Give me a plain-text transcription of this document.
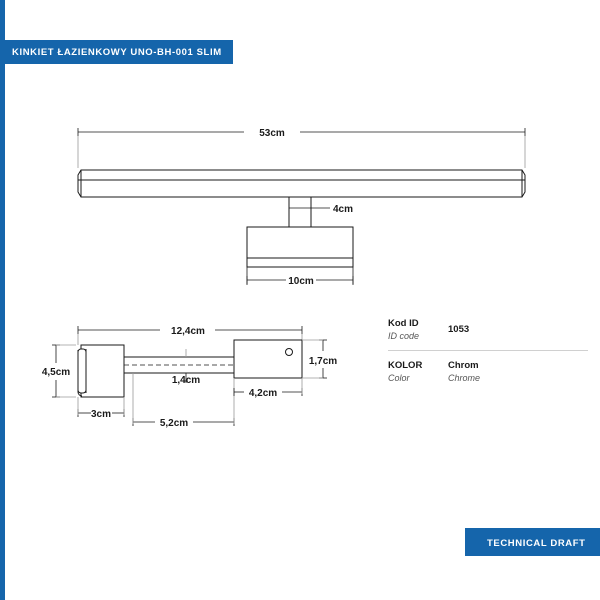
KINKIET ŁAZIENKOWY UNO-BH-001 SLIM
53cm
4cm
10cm
12,4cm
4,5cm
1,7cm
1,4cm
3cm
5,2cm
4,2cm
Kod ID
ID code
1053
KOLOR
Color
Chrom
Chrome
TECHNICAL DRAFT
